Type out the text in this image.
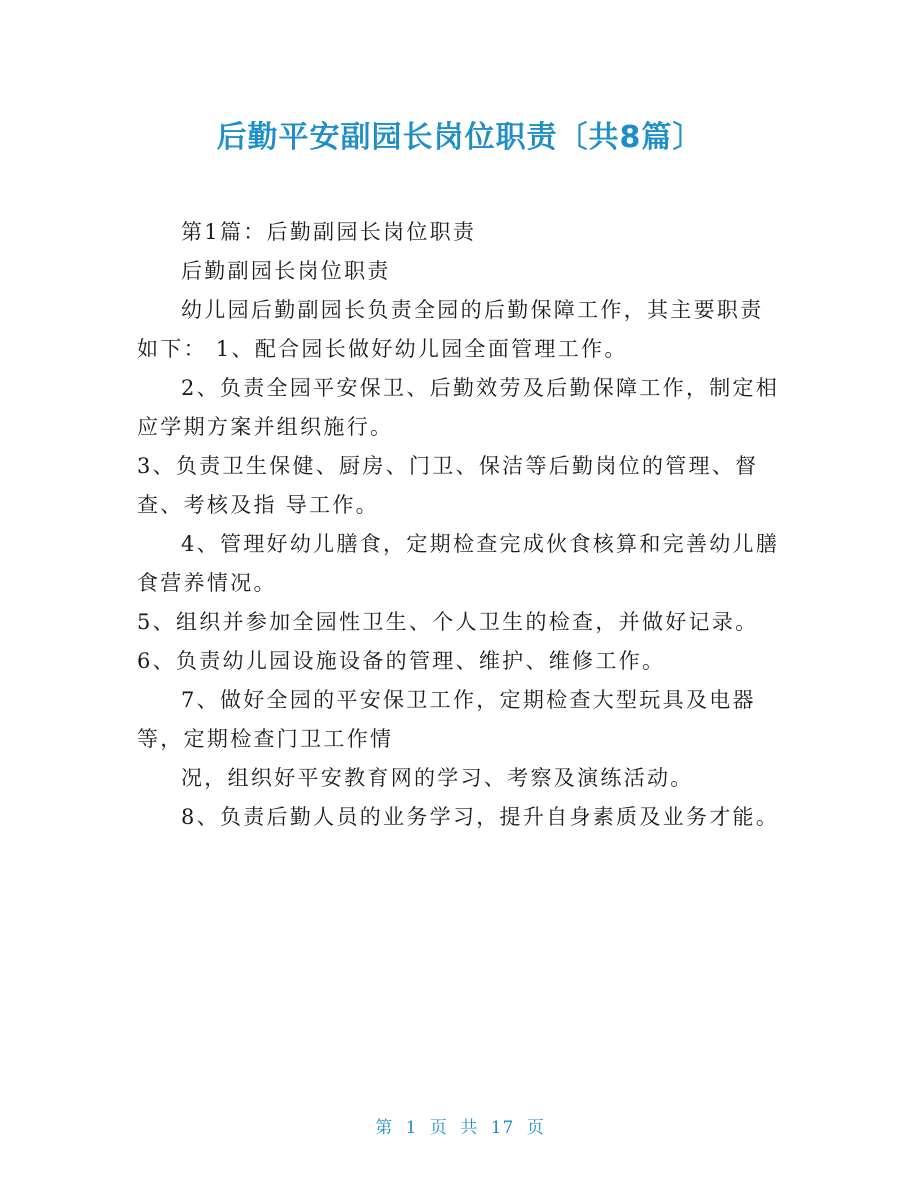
后勤平安副园长岗位职责〔共8篇〕

第1篇：后勤副园长岗位职责

后勤副园长岗位职责

幼儿园后勤副园长负责全园的后勤保障工作，其主要职责如下： 1、配合园长做好幼儿园全面管理工作。

2、负责全园平安保卫、后勤效劳及后勤保障工作，制定相应学期方案并组织施行。

3、负责卫生保健、厨房、门卫、保洁等后勤岗位的管理、督查、考核及指 导工作。

4、管理好幼儿膳食，定期检查完成伙食核算和完善幼儿膳食营养情况。

5、组织并参加全园性卫生、个人卫生的检查，并做好记录。

6、负责幼儿园设施设备的管理、维护、维修工作。

7、做好全园的平安保卫工作，定期检查大型玩具及电器等，定期检查门卫工作情

况，组织好平安教育网的学习、考察及演练活动。

8、负责后勤人员的业务学习，提升自身素质及业务才能。

第 1 页 共 17 页
